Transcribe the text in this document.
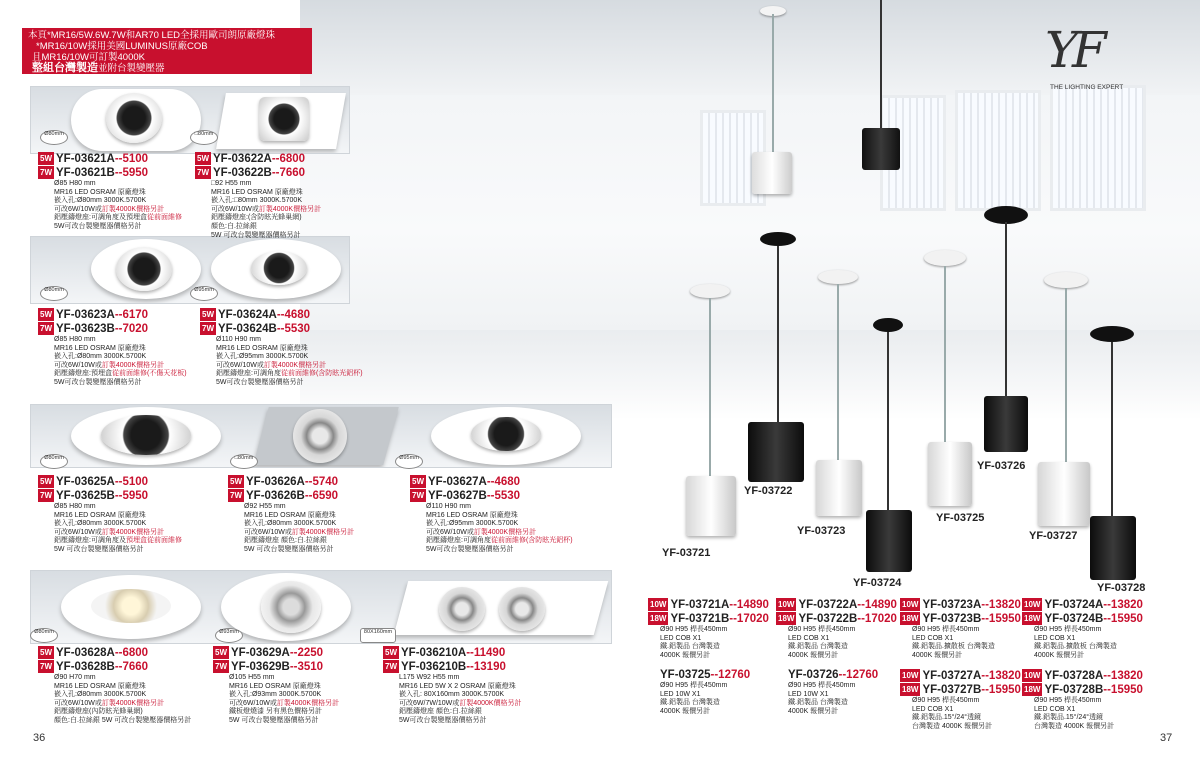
本頁*MR16/5W.6W.7W和AR70 LED全採用歐司朗原廠燈珠
*MR16/10W採用美國LUMINUS原廠COB
且MR16/10W可訂製4000K
整組台灣製造並附台製變壓器	YF
THE LIGHTING EXPERT
Ø80mm	□80mm
Ø80mm	Ø95mm
Ø80mm	□80mm	Ø95mm
Ø80mm	Ø93mm	80X160mm
5W YF-03621A--5100
7W YF-03621B--5950
Ø85 H80 mm
MR16 LED OSRAM 原廠燈珠
嵌入孔:Ø80mm 3000K.5700K
可改6W/10W或訂製4000K價格另計
鋁壓鑄燈座:可調角度及預埋盒從前面維修
5W可改台製變壓器價格另計
5W YF-03622A--6800
7W YF-03622B--7660
□92 H55 mm
MR16 LED OSRAM 原廠燈珠
嵌入孔:□80mm 3000K.5700K
可改6W/10W或訂製4000K價格另計
鋁壓鑄燈座:(含防眩光蜂巢網)
顏色:白.拉絲銀
5W 可改台製變壓器價格另計
5W YF-03623A--6170
7W YF-03623B--7020
Ø85 H80 mm
MR16 LED OSRAM 原廠燈珠
嵌入孔:Ø80mm 3000K.5700K
可改6W/10W或訂製4000K價格另計
鋁壓鑄燈座:預埋盒從前面維修(不傷天花板)
5W可改台製變壓器價格另計
5W YF-03624A--4680
7W YF-03624B--5530
Ø110 H90 mm
MR16 LED OSRAM 原廠燈珠
嵌入孔:Ø95mm 3000K.5700K
可改6W/10W或訂製4000K價格另計
鋁壓鑄燈座:可調角度從前面維修(含防眩光鋁杯)
5W可改台製變壓器價格另計
5W YF-03625A--5100
7W YF-03625B--5950
Ø85 H80 mm
MR16 LED OSRAM 原廠燈珠
嵌入孔:Ø80mm 3000K.5700K
可改6W/10W或訂製4000K價格另計
鋁壓鑄燈座:可調角度及預埋盒從前面維修
5W 可改台製變壓器價格另計
5W YF-03626A--5740
7W YF-03626B--6590
Ø92 H55 mm
MR16 LED OSRAM 原廠燈珠
嵌入孔:Ø80mm 3000K.5700K
可改6W/10W或訂製4000K價格另計
鋁壓鑄燈座 顏色:白.拉絲銀
5W 可改台製變壓器價格另計
5W YF-03627A--4680
7W YF-03627B--5530
Ø110 H90 mm
MR16 LED OSRAM 原廠燈珠
嵌入孔:Ø95mm 3000K.5700K
可改6W/10W或訂製4000K價格另計
鋁壓鑄燈座:可調角度從前面維修(含防眩光鋁杯)
5W可改台製變壓器價格另計
5W YF-03628A--6800
7W YF-03628B--7660
Ø90 H70 mm
MR16 LED OSRAM 原廠燈珠
嵌入孔:Ø80mm 3000K.5700K
可改6W/10W或訂製4000K價格另計
鋁壓鑄燈座(內防眩光蜂巢網)
顏色:白.拉絲銀 5W 可改台製變壓器價格另計
5W YF-03629A--2250
7W YF-03629B--3510
Ø105 H55 mm
MR16 LED OSRAM 原廠燈珠
嵌入孔:Ø93mm 3000K.5700K
可改6W/10W或訂製4000K價格另計
鐵板燈燒漆 另有黑色價格另計
5W 可改台製變壓器價格另計
5W YF-036210A--11490
7W YF-036210B--13190
L175 W92 H55 mm
MR16 LED 5W X 2 OSRAM 原廠燈珠
嵌入孔: 80X160mm 3000K.5700K
可改6W/7W/10W或訂製4000K價格另計
鋁壓鑄燈座 顏色:白.拉絲銀
5W可改台製變壓器價格另計
YF-03721
YF-03722
YF-03723
YF-03724
YF-03725
YF-03726
YF-03727
YF-03728
10W YF-03721A--14890
18W YF-03721B--17020
Ø90 H95 桿長450mm
LED COB X1
鐵.鋁製品 台灣製造
4000K 報價另計
10W YF-03722A--14890
18W YF-03722B--17020
Ø90 H95 桿長450mm
LED COB X1
鐵.鋁製品 台灣製造
4000K 報價另計
10W YF-03723A--13820
18W YF-03723B--15950
Ø90 H95 桿長450mm
LED COB X1
鐵.鋁製品.擴散板 台灣製造
4000K 報價另計
10W YF-03724A--13820
18W YF-03724B--15950
Ø90 H95 桿長450mm
LED COB X1
鐵.鋁製品.擴散板 台灣製造
4000K 報價另計
YF-03725--12760
Ø90 H95 桿長450mm
LED 10W X1
鐵.鋁製品 台灣製造
4000K 報價另計
YF-03726--12760
Ø90 H95 桿長450mm
LED 10W X1
鐵.鋁製品 台灣製造
4000K 報價另計
10W YF-03727A--13820
18W YF-03727B--15950
Ø90 H95 桿長450mm
LED COB X1
鐵.鋁製品.15°/24°透鏡
台灣製造 4000K 報價另計
10W YF-03728A--13820
18W YF-03728B--15950
Ø90 H95 桿長450mm
LED COB X1
鐵.鋁製品.15°/24°透鏡
台灣製造 4000K 報價另計
36	37
